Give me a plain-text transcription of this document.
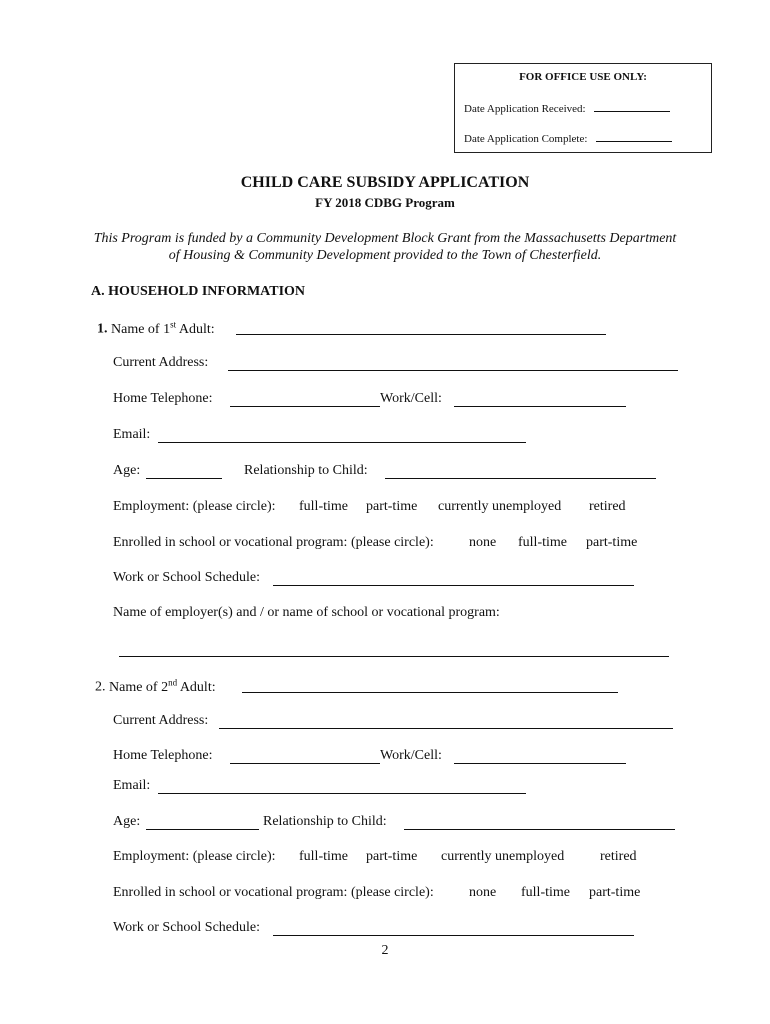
FOR OFFICE USE ONLY:
Date Application Received:
Date Application Complete:
CHILD CARE SUBSIDY APPLICATION
FY 2018 CDBG Program
This Program is funded by a Community Development Block Grant from the Massachusetts Department
of Housing & Community Development provided to the Town of Chesterfield.
A. HOUSEHOLD INFORMATION
1. Name of 1st Adult:
Current Address:
Home Telephone:	Work/Cell:
Email:
Age:	Relationship to Child:
Employment: (please circle): full-time part-time currently unemployed retired
Enrolled in school or vocational program: (please circle):	none full-time part-time
Work or School Schedule:
Name of employer(s) and / or name of school or vocational program:
2. Name of 2nd Adult:
Current Address:
Home Telephone:	Work/Cell:
Email:
Age:	Relationship to Child:
Employment: (please circle): full-time part-time currently unemployed	retired
Enrolled in school or vocational program: (please circle):	none full-time part-time
Work or School Schedule:
2
